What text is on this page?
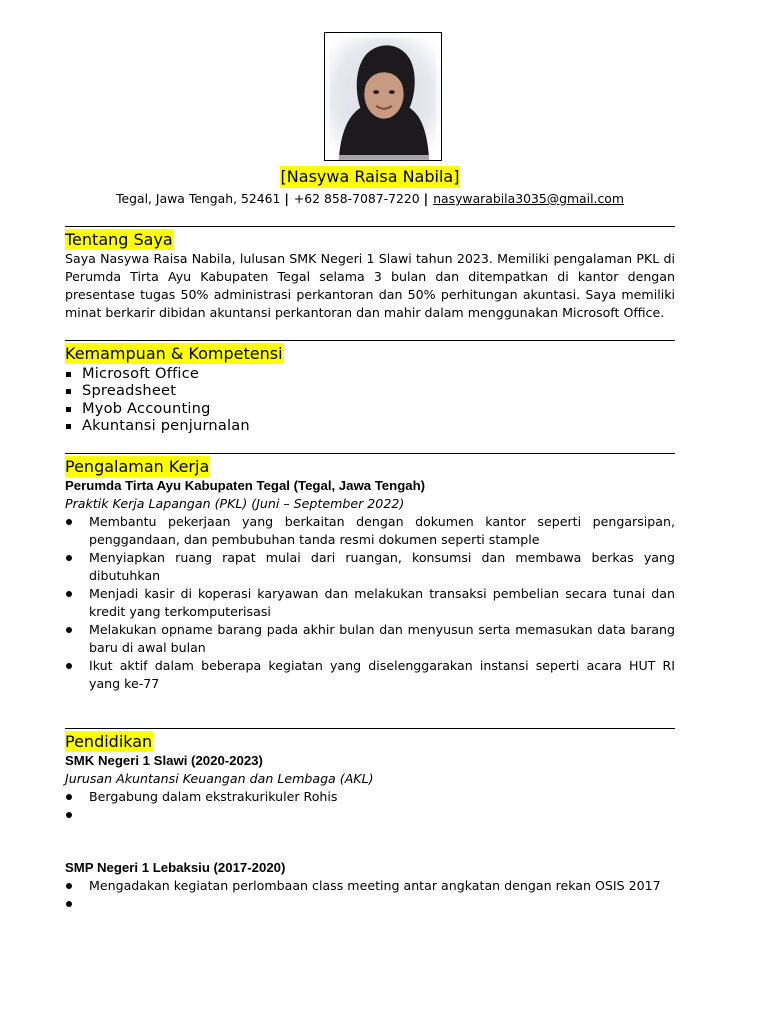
[Nasywa Raisa Nabila]
Tegal, Jawa Tengah, 52461 | +62 858-7087-7220 | nasywarabila3035@gmail.com
Tentang Saya
Saya Nasywa Raisa Nabila, lulusan SMK Negeri 1 Slawi tahun 2023. Memiliki pengalaman PKL di Perumda Tirta Ayu Kabupaten Tegal selama 3 bulan dan ditempatkan di kantor dengan presentase tugas 50% administrasi perkantoran dan 50% perhitungan akuntasi. Saya memiliki minat berkarir dibidan akuntansi perkantoran dan mahir dalam menggunakan Microsoft Office.
Kemampuan & Kompetensi
Microsoft Office
Spreadsheet
Myob Accounting
Akuntansi penjurnalan
Pengalaman Kerja
Perumda Tirta Ayu Kabupaten Tegal (Tegal, Jawa Tengah)
Praktik Kerja Lapangan (PKL) (Juni – September 2022)
Membantu pekerjaan yang berkaitan dengan dokumen kantor seperti pengarsipan, penggandaan, dan pembubuhan tanda resmi dokumen seperti stample
Menyiapkan ruang rapat mulai dari ruangan, konsumsi dan membawa berkas yang dibutuhkan
Menjadi kasir di koperasi karyawan dan melakukan transaksi pembelian secara tunai dan kredit yang terkomputerisasi
Melakukan opname barang pada akhir bulan dan menyusun serta memasukan data barang baru di awal bulan
Ikut aktif dalam beberapa kegiatan yang diselenggarakan instansi seperti acara HUT RI yang ke-77
Pendidikan
SMK Negeri 1 Slawi (2020-2023)
Jurusan Akuntansi Keuangan dan Lembaga (AKL)
Bergabung dalam ekstrakurikuler Rohis
SMP Negeri 1 Lebaksiu (2017-2020)
Mengadakan kegiatan perlombaan class meeting antar angkatan dengan rekan OSIS 2017
